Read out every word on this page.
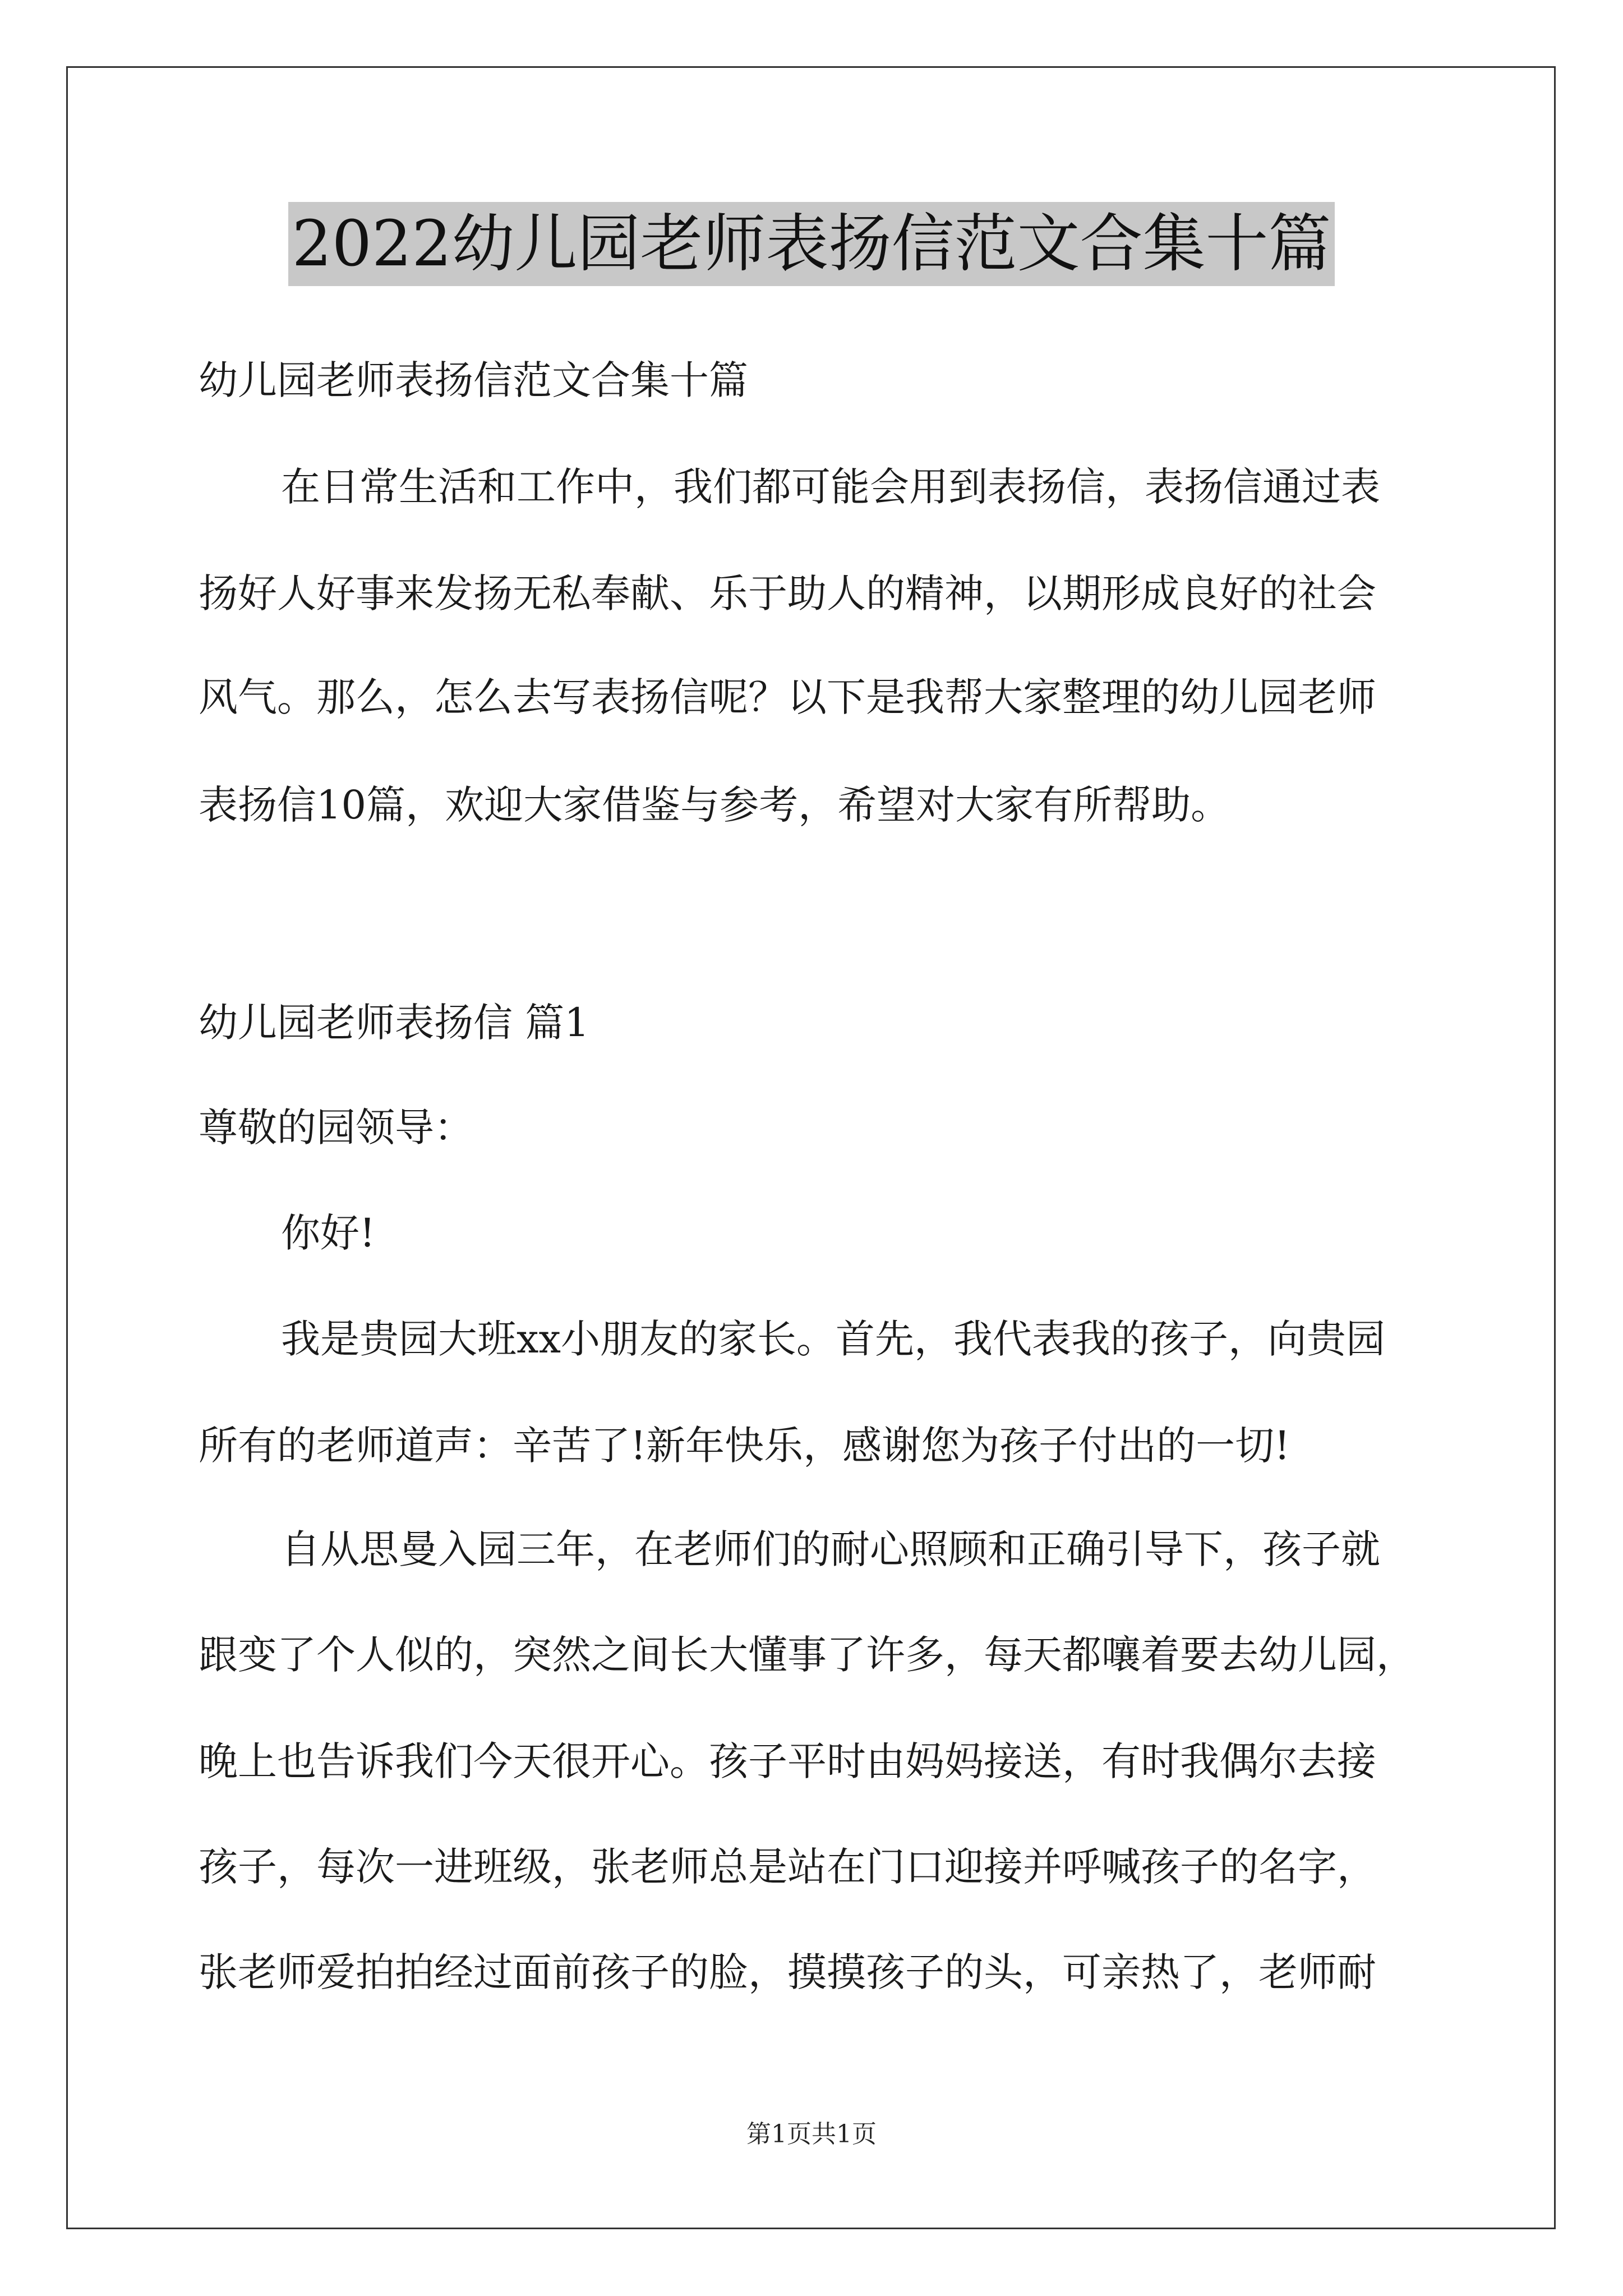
2022幼儿园老师表扬信范文合集十篇
幼儿园老师表扬信范文合集十篇
在日常生活和工作中，我们都可能会用到表扬信，表扬信通过表
扬好人好事来发扬无私奉献、乐于助人的精神，以期形成良好的社会
风气。那么，怎么去写表扬信呢？以下是我帮大家整理的幼儿园老师
表扬信10篇，欢迎大家借鉴与参考，希望对大家有所帮助。
幼儿园老师表扬信 篇1
尊敬的园领导：
你好!
我是贵园大班xx小朋友的家长。首先，我代表我的孩子，向贵园
所有的老师道声：辛苦了!新年快乐，感谢您为孩子付出的一切!
自从思曼入园三年，在老师们的耐心照顾和正确引导下，孩子就
跟变了个人似的，突然之间长大懂事了许多，每天都嚷着要去幼儿园，
晚上也告诉我们今天很开心。孩子平时由妈妈接送，有时我偶尔去接
孩子，每次一进班级，张老师总是站在门口迎接并呼喊孩子的名字，
张老师爱拍拍经过面前孩子的脸，摸摸孩子的头，可亲热了，老师耐
第1页共1页
